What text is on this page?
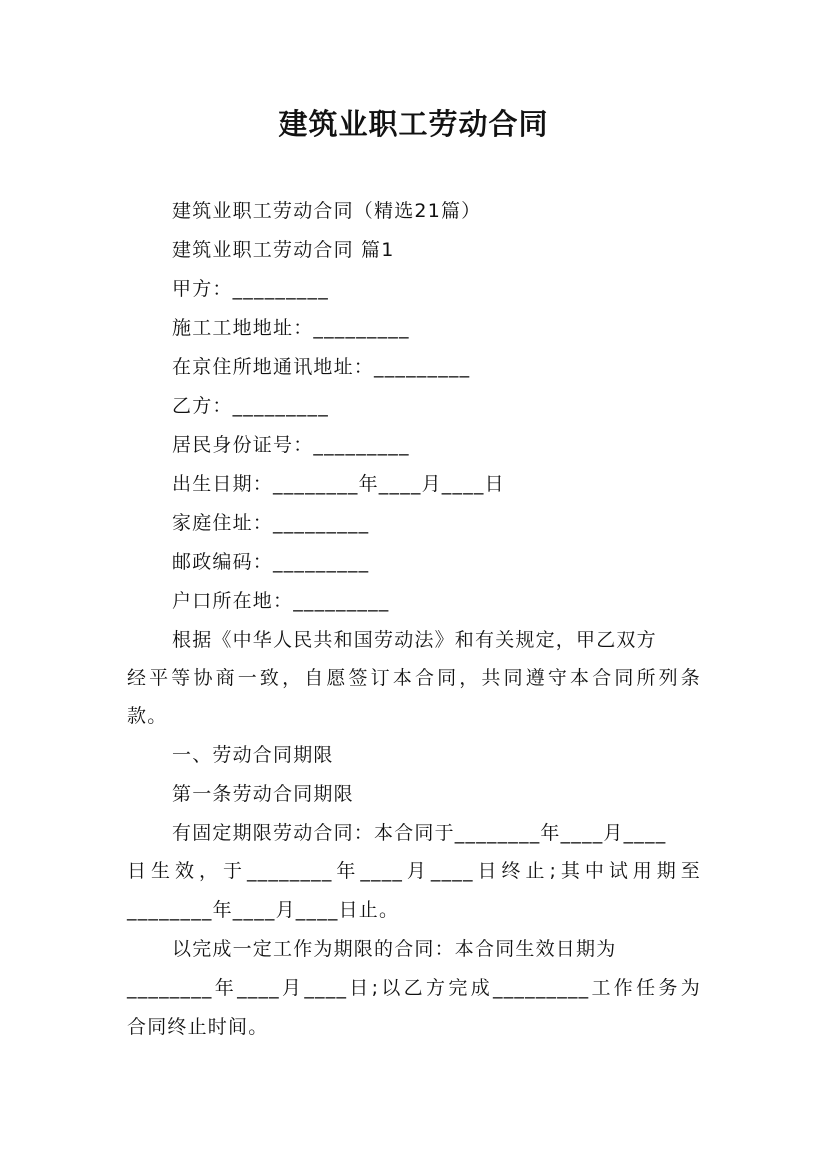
建筑业职工劳动合同
建筑业职工劳动合同（精选21篇）
建筑业职工劳动合同 篇1
甲方：_________
施工工地地址：_________
在京住所地通讯地址：_________
乙方：_________
居民身份证号：_________
出生日期：________年____月____日
家庭住址：_________
邮政编码：_________
户口所在地：_________
根据《中华人民共和国劳动法》和有关规定，甲乙双方
经平等协商一致，自愿签订本合同，共同遵守本合同所列条
款。
一、劳动合同期限
第一条劳动合同期限
有固定期限劳动合同：本合同于________年____月____
日生效，于________年____月____日终止;其中试用期至
________年____月____日止。
以完成一定工作为期限的合同：本合同生效日期为
________年____月____日;以乙方完成_________工作任务为
合同终止时间。
